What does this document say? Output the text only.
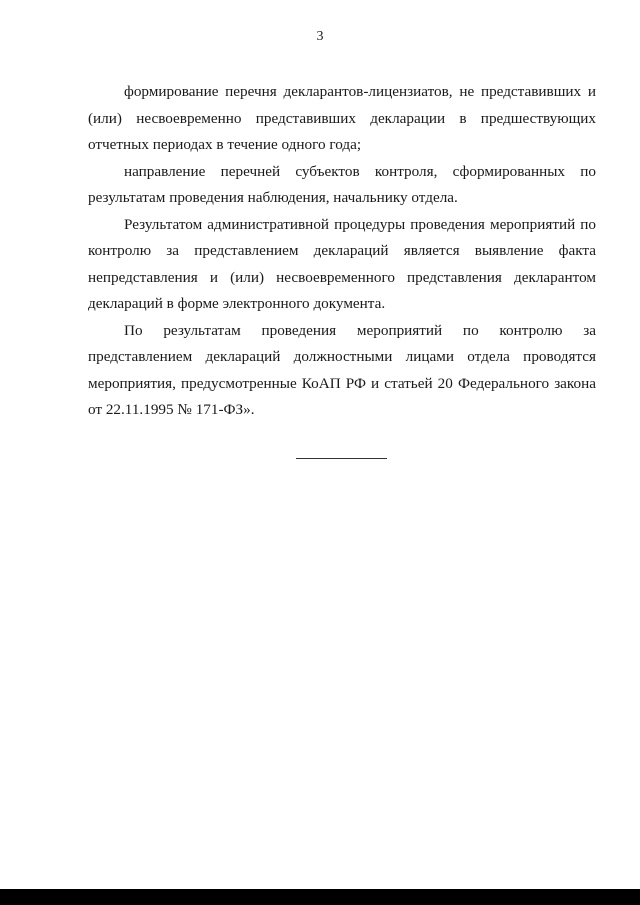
3

формирование перечня декларантов-лицензиатов, не представивших и (или) несвоевременно представивших декларации в предшествующих отчетных периодах в течение одного года;

направление перечней субъектов контроля, сформированных по результатам проведения наблюдения, начальнику отдела.

Результатом административной процедуры проведения мероприятий по контролю за представлением деклараций является выявление факта непредставления и (или) несвоевременного представления декларантом деклараций в форме электронного документа.

По результатам проведения мероприятий по контролю за представлением деклараций должностными лицами отдела проводятся мероприятия, предусмотренные КоАП РФ и статьей 20 Федерального закона от 22.11.1995 № 171-ФЗ».
